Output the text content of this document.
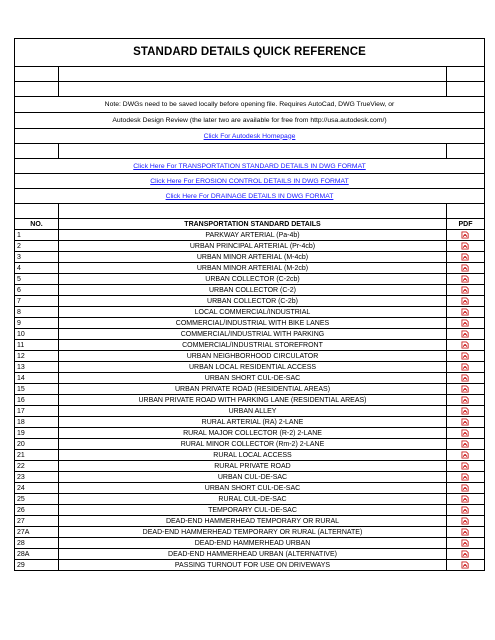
STANDARD DETAILS QUICK REFERENCE		

Note: DWGs need to be saved locally before opening file. Requires AutoCad, DWG TrueView, or		
Autodesk Design Review (the later two are available for free from http://usa.autodesk.com/)		
Click For Autodesk Homepage		

Click Here For TRANSPORTATION STANDARD DETAILS IN DWG FORMAT		
Click Here For EROSION CONTROL DETAILS IN DWG FORMAT		
Click Here For DRAINAGE DETAILS IN DWG FORMAT		

NO.	TRANSPORTATION STANDARD DETAILS	PDF
1	PARKWAY ARTERIAL (Pa-4b)	
2	URBAN PRINCIPAL ARTERIAL (Pr-4cb)	
3	URBAN MINOR ARTERIAL (M-4cb)	
4	URBAN MINOR ARTERIAL (M-2cb)	
5	URBAN COLLECTOR (C-2cb)	
6	URBAN COLLECTOR (C-2)	
7	URBAN COLLECTOR (C-2b)	
8	LOCAL COMMERCIAL/INDUSTRIAL	
9	COMMERCIAL/INDUSTRIAL WITH BIKE LANES	
10	COMMERCIAL/INDUSTRIAL WITH PARKING	
11	COMMERCIAL/INDUSTRIAL STOREFRONT	
12	URBAN NEIGHBORHOOD CIRCULATOR	
13	URBAN LOCAL RESIDENTIAL ACCESS	
14	URBAN SHORT CUL-DE-SAC	
15	URBAN PRIVATE ROAD (RESIDENTIAL AREAS)	
16	URBAN PRIVATE ROAD WITH PARKING LANE (RESIDENTIAL AREAS)	
17	URBAN ALLEY	
18	RURAL ARTERIAL (RA) 2-LANE	
19	RURAL MAJOR COLLECTOR (R-2) 2-LANE	
20	RURAL MINOR COLLECTOR (Rm-2) 2-LANE	
21	RURAL LOCAL ACCESS	
22	RURAL PRIVATE ROAD	
23	URBAN CUL-DE-SAC	
24	URBAN SHORT CUL-DE-SAC	
25	RURAL CUL-DE-SAC	
26	TEMPORARY CUL-DE-SAC	
27	DEAD-END HAMMERHEAD TEMPORARY OR RURAL	
27A	DEAD-END HAMMERHEAD TEMPORARY OR RURAL (ALTERNATE)	
28	DEAD-END HAMMERHEAD URBAN	
28A	DEAD-END HAMMERHEAD URBAN (ALTERNATIVE)	
29	PASSING TURNOUT FOR USE ON DRIVEWAYS	
